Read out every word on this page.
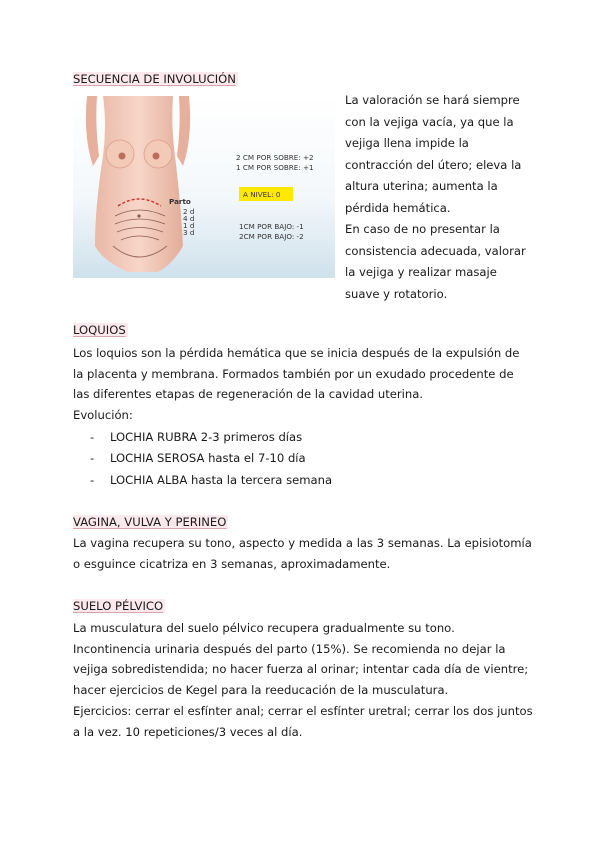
SECUENCIA DE INVOLUCIÓN
Parto
2 d
4 d
1 d
3 d
2 CM POR SOBRE: +2
1 CM POR SOBRE: +1
A NIVEL: 0
1CM POR BAJO: -1
2CM POR BAJO: -2

La valoración se hará siempre con la vejiga vacía, ya que la vejiga llena impide la contracción del útero; eleva la altura uterina; aumenta la pérdida hemática.
En caso de no presentar la consistencia adecuada, valorar la vejiga y realizar masaje suave y rotatorio.

LOQUIOS

Los loquios son la pérdida hemática que se inicia después de la expulsión de la placenta y membrana. Formados también por un exudado procedente de las diferentes etapas de regeneración de la cavidad uterina.
Evolución:

- LOCHIA RUBRA 2-3 primeros días
- LOCHIA SEROSA hasta el 7-10 día
- LOCHIA ALBA hasta la tercera semana
VAGINA, VULVA Y PERINEO

La vagina recupera su tono, aspecto y medida a las 3 semanas. La episiotomía o esguince cicatriza en 3 semanas, aproximadamente.

SUELO PÉLVICO

La musculatura del suelo pélvico recupera gradualmente su tono. Incontinencia urinaria después del parto (15%). Se recomienda no dejar la vejiga sobredistendida; no hacer fuerza al orinar; intentar cada día de vientre; hacer ejercicios de Kegel para la reeducación de la musculatura.
Ejercicios: cerrar el esfínter anal; cerrar el esfínter uretral; cerrar los dos juntos a la vez. 10 repeticiones/3 veces al día.
